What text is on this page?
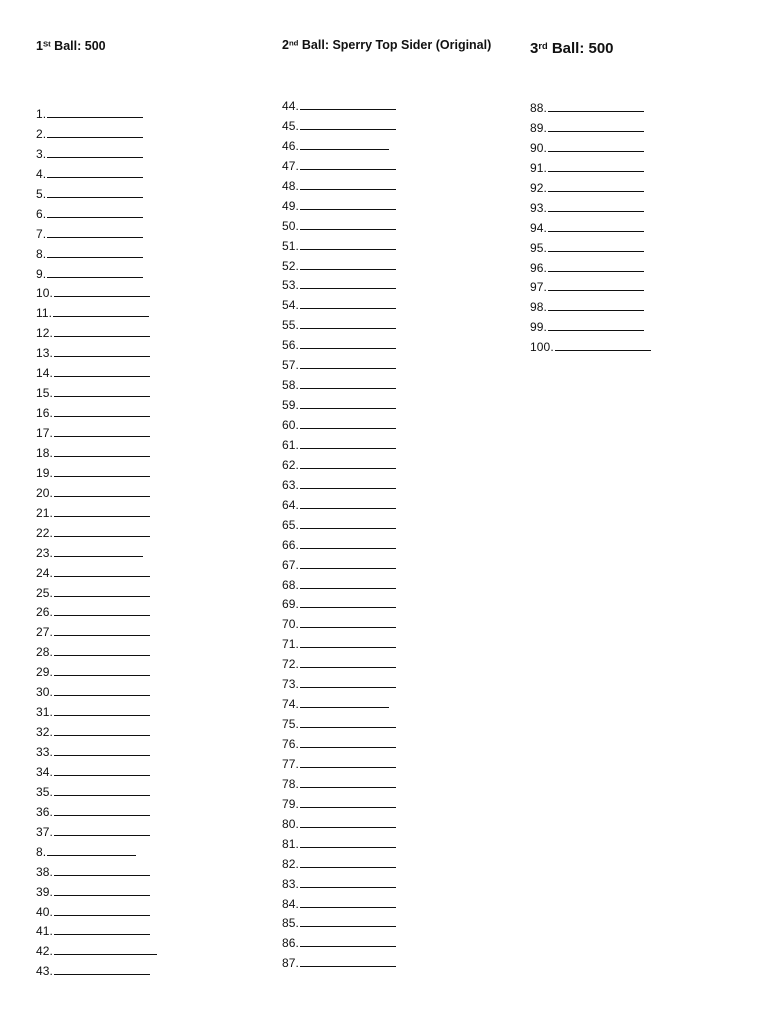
1St Ball: 500	2nd Ball: Sperry Top Sider (Original)	3rd Ball: 500
1.
2.
3.
4.
5.
6.
7.
8.
9.
10.
11.
12.
13.
14.
15.
16.
17.
18.
19.
20.
21.
22.
23.
24.
25.
26.
27.
28.
29.
30.
31.
32.
33.
34.
35.
36.
37.
8.
38.
39.
40.
41.
42.
43.
44.
45.
46.
47.
48.
49.
50.
51.
52.
53.
54.
55.
56.
57.
58.
59.
60.
61.
62.
63.
64.
65.
66.
67.
68.
69.
70.
71.
72.
73.
74.
75.
76.
77.
78.
79.
80.
81.
82.
83.
84.
85.
86.
87.
88.
89.
90.
91.
92.
93.
94.
95.
96.
97.
98.
99.
100.
